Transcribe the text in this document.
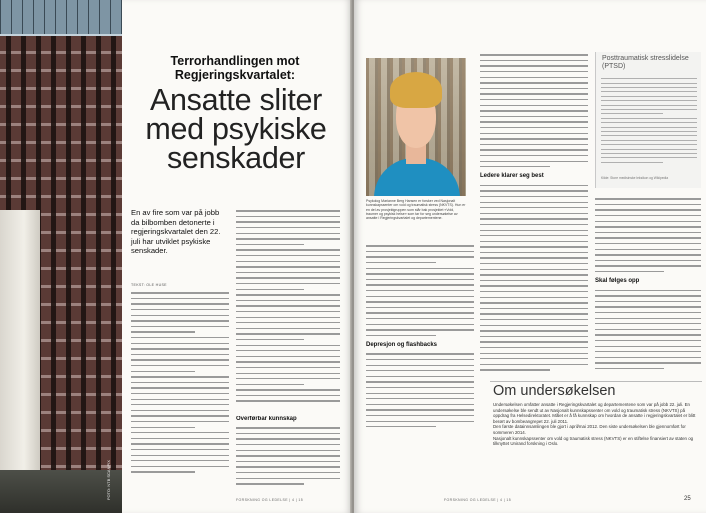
FOTO: NTB SCANPIX
Terrorhandlingen mot Regjeringskvartalet:
Ansatte sliter med psykiske senskader
En av fire som var på jobb da bilbomben detonerte i regjeringskvartalet den 22. juli har utviklet psykiske senskader.
TEKST: OLE HUSE
Overførbar kunnskap
FORSKNING OG LEDELSE | 4 | 15
Psykolog Marianne Berg Hansen er forsker ved Nasjonalt kunnskapssenter om vold og traumatisk stress (NKVTS). Hun er en del av prosjektgruppen som står bak prosjektet «Vold, traumer og psykisk helse» som tar for seg undersøkelse av ansatte i Regjeringskvartalet og departementene.
Depresjon og flashbacks
Ledere klarer seg best
Posttraumatisk stresslidelse (PTSD)
Kilde: Store medisinske leksikon og Wikipedia
Skal følges opp
Om undersøkelsen

Undersøkelsen omfatter ansatte i Regjeringskvartalet og departementene som var på jobb 22. juli. En undersøkelse ble sendt ut av Nasjonalt kunnskapssenter om vold og traumatisk stress (NKVTS) på oppdrag fra Helsedirektoratet. Målet er å få kunnskap om hvordan de ansatte i regjeringskvartalet er blitt berørt av bombeangrepet 22. juli 2011.

Den første datainnsamlingen ble gjort i april/mai 2012. Den siste undersøkelsen ble gjennomført for sommeren 2014.

Nasjonalt kunnskapssenter om vold og traumatisk stress (NKVTS) er en stiftelse finansiert av staten og tilknyttet Unirand forskning i Oslo.

FORSKNING OG LEDELSE | 4 | 15	25
